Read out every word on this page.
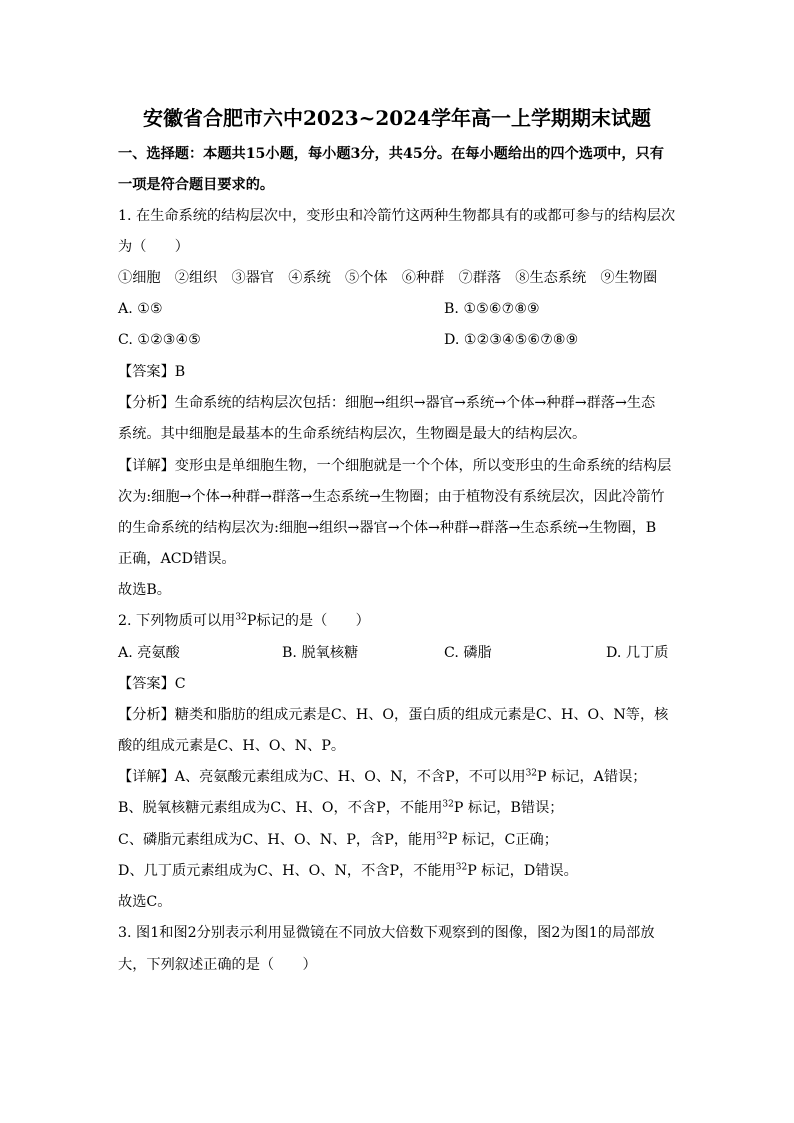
安徽省合肥市六中2023~2024学年高一上学期期末试题
一、选择题：本题共15小题，每小题3分，共45分。在每小题给出的四个选项中，只有
一项是符合题目要求的。
1. 在生命系统的结构层次中，变形虫和冷箭竹这两种生物都具有的或都可参与的结构层次
为（　　）
①细胞　②组织　③器官　④系统　⑤个体　⑥种群　⑦群落　⑧生态系统　⑨生物圈
A. ①⑤	B. ①⑤⑥⑦⑧⑨
C. ①②③④⑤	D. ①②③④⑤⑥⑦⑧⑨
【答案】B
【分析】生命系统的结构层次包括：细胞→组织→器官→系统→个体→种群→群落→生态
系统。其中细胞是最基本的生命系统结构层次，生物圈是最大的结构层次。
【详解】变形虫是单细胞生物，一个细胞就是一个个体，所以变形虫的生命系统的结构层
次为:细胞→个体→种群→群落→生态系统→生物圈；由于植物没有系统层次，因此冷箭竹
的生命系统的结构层次为:细胞→组织→器官→个体→种群→群落→生态系统→生物圈，B
正确，ACD错误。
故选B。
2. 下列物质可以用$^{32}$P标记的是（　　）
A. 亮氨酸	B. 脱氧核糖	C. 磷脂	D. 几丁质
【答案】C
【分析】糖类和脂肪的组成元素是C、H、O，蛋白质的组成元素是C、H、O、N等，核
酸的组成元素是C、H、O、N、P。
【详解】A、亮氨酸元素组成为C、H、O、N，不含P，不可以用$^{32}$P 标记，A错误；
B、脱氧核糖元素组成为C、H、O，不含P，不能用$^{32}$P 标记，B错误；
C、磷脂元素组成为C、H、O、N、P，含P，能用$^{32}$P 标记，C正确；
D、几丁质元素组成为C、H、O、N，不含P，不能用$^{32}$P 标记，D错误。
故选C。
3. 图1和图2分别表示利用显微镜在不同放大倍数下观察到的图像，图2为图1的局部放
大，下列叙述正确的是（　　）
